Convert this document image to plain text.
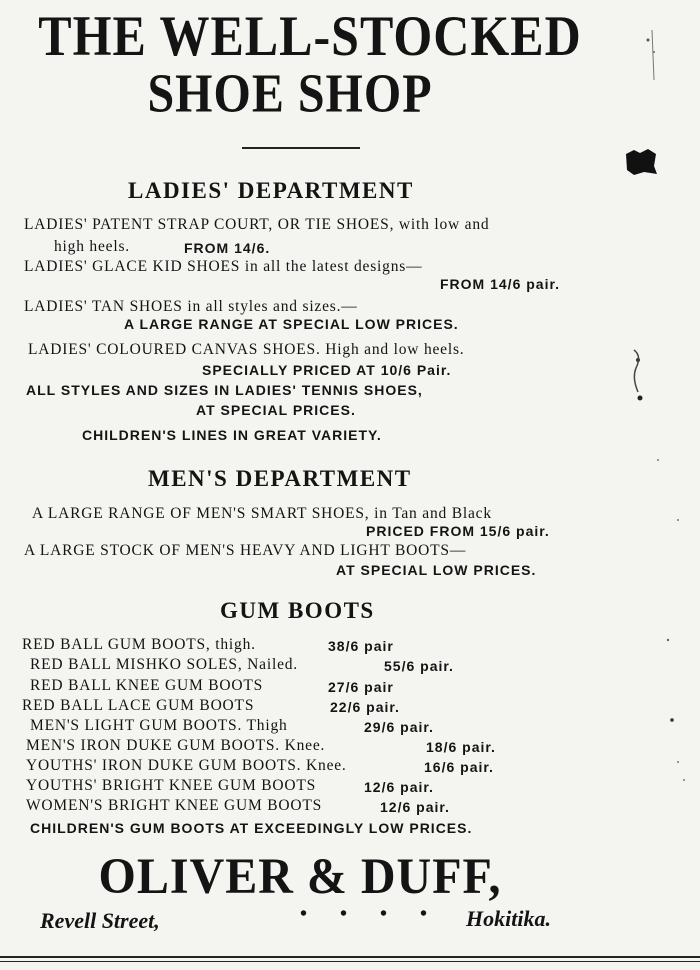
THE WELL-STOCKED
SHOE SHOP
LADIES' DEPARTMENT
LADIES' PATENT STRAP COURT, OR TIE SHOES, with low and
high heels.	FROM 14/6.
LADIES' GLACE KID SHOES in all the latest designs—
FROM 14/6 pair.
LADIES' TAN SHOES in all styles and sizes.—
A LARGE RANGE AT SPECIAL LOW PRICES.
LADIES' COLOURED CANVAS SHOES. High and low heels.
SPECIALLY PRICED AT 10/6 Pair.
ALL STYLES AND SIZES IN LADIES' TENNIS SHOES,
AT SPECIAL PRICES.
CHILDREN'S LINES IN GREAT VARIETY.
MEN'S DEPARTMENT
A LARGE RANGE OF MEN'S SMART SHOES, in Tan and Black
PRICED FROM 15/6 pair.
A LARGE STOCK OF MEN'S HEAVY AND LIGHT BOOTS—
AT SPECIAL LOW PRICES.
GUM BOOTS
RED BALL GUM BOOTS, thigh.	38/6 pair
RED BALL MISHKO SOLES, Nailed.	55/6 pair.
RED BALL KNEE GUM BOOTS	27/6 pair
RED BALL LACE GUM BOOTS	22/6 pair.
MEN'S LIGHT GUM BOOTS. Thigh	29/6 pair.
MEN'S IRON DUKE GUM BOOTS. Knee.	18/6 pair.
YOUTHS' IRON DUKE GUM BOOTS. Knee.	16/6 pair.
YOUTHS' BRIGHT KNEE GUM BOOTS	12/6 pair.
WOMEN'S BRIGHT KNEE GUM BOOTS	12/6 pair.
CHILDREN'S GUM BOOTS AT EXCEEDINGLY LOW PRICES.
OLIVER & DUFF,
Revell Street,	• • • • Hokitika.
